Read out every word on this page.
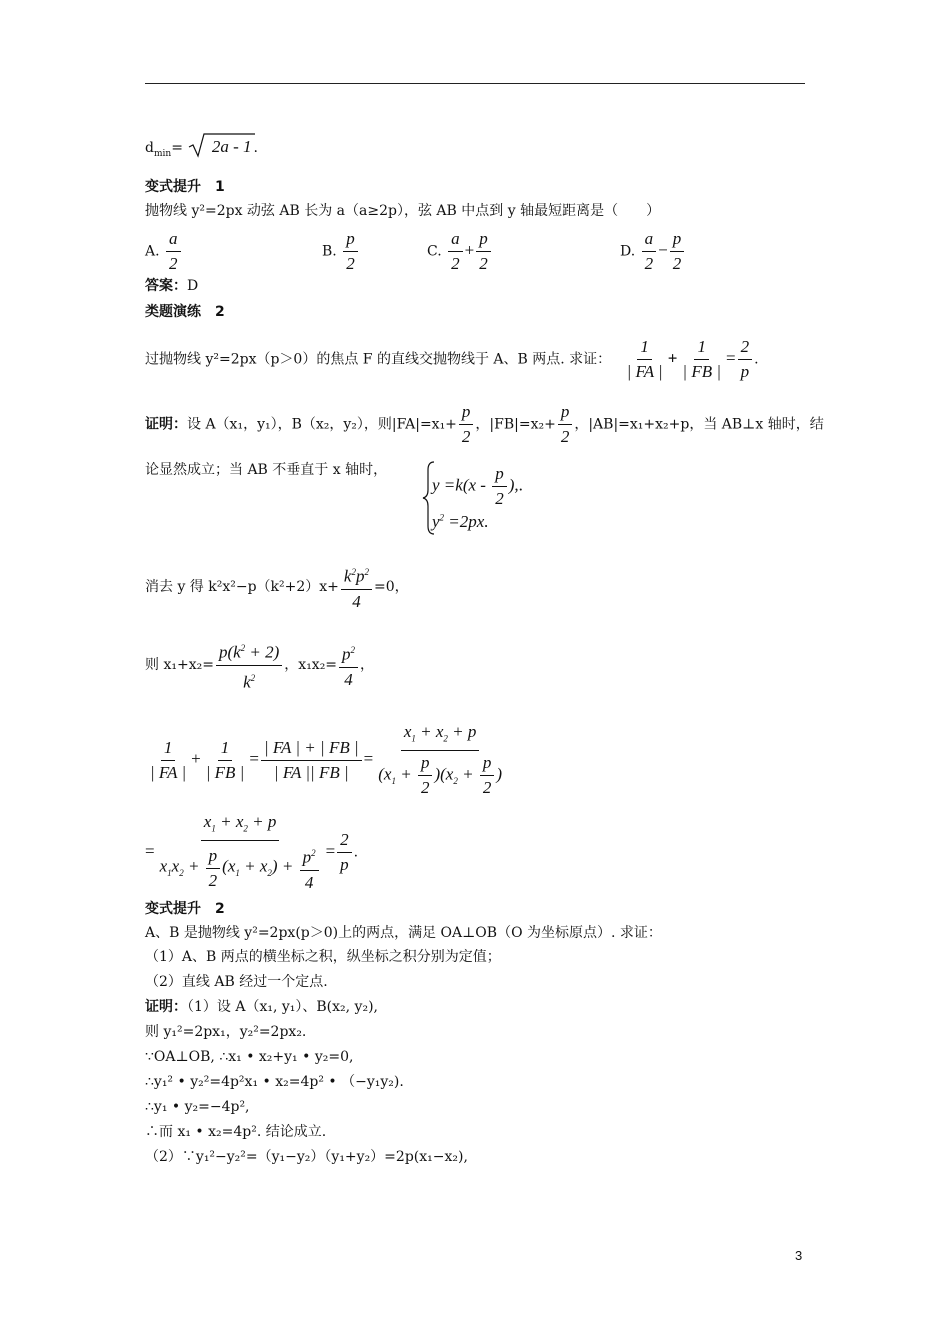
$d_{min}= 2a - 1$ .
变式提升　1
抛物线 y²=2px 动弦 AB 长为 a（a≥2p），弦 AB 中点到 y 轴最短距离是（　　）
A. $\frac{a}{2}$	B. $\frac{p}{2}$	C. $\frac{a}{2} + \frac{p}{2}$	D. $\frac{a}{2} - \frac{p}{2}$
答案：D
类题演练　2
过抛物线 y²=2px（p＞0）的焦点 F 的直线交抛物线于 A、B 两点. 求证： $\frac{1}{| FA |} + \frac{1}{| FB |} = \frac{2}{p}$ .
证明：设 A（x₁，y₁），B（x₂，y₂），则$|FA|=x_1+ \frac{p}{2}$ ，$|FB|=x_2+ \frac{p}{2}$ ，|AB|=x₁+x₂+p，当 AB⊥x 轴时，结
论显然成立；当 AB 不垂直于 x 轴时，
$y =k(x - \frac{p}{2}$ ),.
$y^2 =2px$.
消去 y 得 $k^2x^2-p(k^2+2)x+ \frac{k^2p^2}{4} =0$，
则 $x_1+x_2= \frac{p(k^2 + 2)}{k^2}$ ，$x_1x_2= \frac{p^2}{4}$ ，
$\frac{1}{| FA |} + \frac{1}{| FB |} = \frac{| FA | + | FB |}{| FA || FB |} = \frac{x_1 + x_2 + p}{(x_1 + \frac{p}{2} )(x_2 + \frac{p}{2} )}$
= $\frac{x_1 + x_2 + p}{x_1x_2 + \frac{p}{2} (x_1 + x_2) + \frac{p^2}{4}} = \frac{2}{p}$ .
变式提升　2
A、B 是抛物线 y²=2px(p＞0)上的两点，满足 OA⊥OB（O 为坐标原点）. 求证：
（1）A、B 两点的横坐标之积，纵坐标之积分别为定值；
（2）直线 AB 经过一个定点.
证明：（1）设 A（x₁, y₁）、B(x₂, y₂),
则 y₁²=2px₁，y₂²=2px₂.
∵OA⊥OB, ∴x₁ • x₂+y₁ • y₂=0,
∴y₁² • y₂²=4p²x₁ • x₂=4p² • （−y₁y₂).
∴y₁ • y₂=−4p²,
∴而 x₁ • x₂=4p². 结论成立.
（2）∵y₁²−y₂²=（y₁−y₂）（y₁+y₂）=2p(x₁−x₂),
3
